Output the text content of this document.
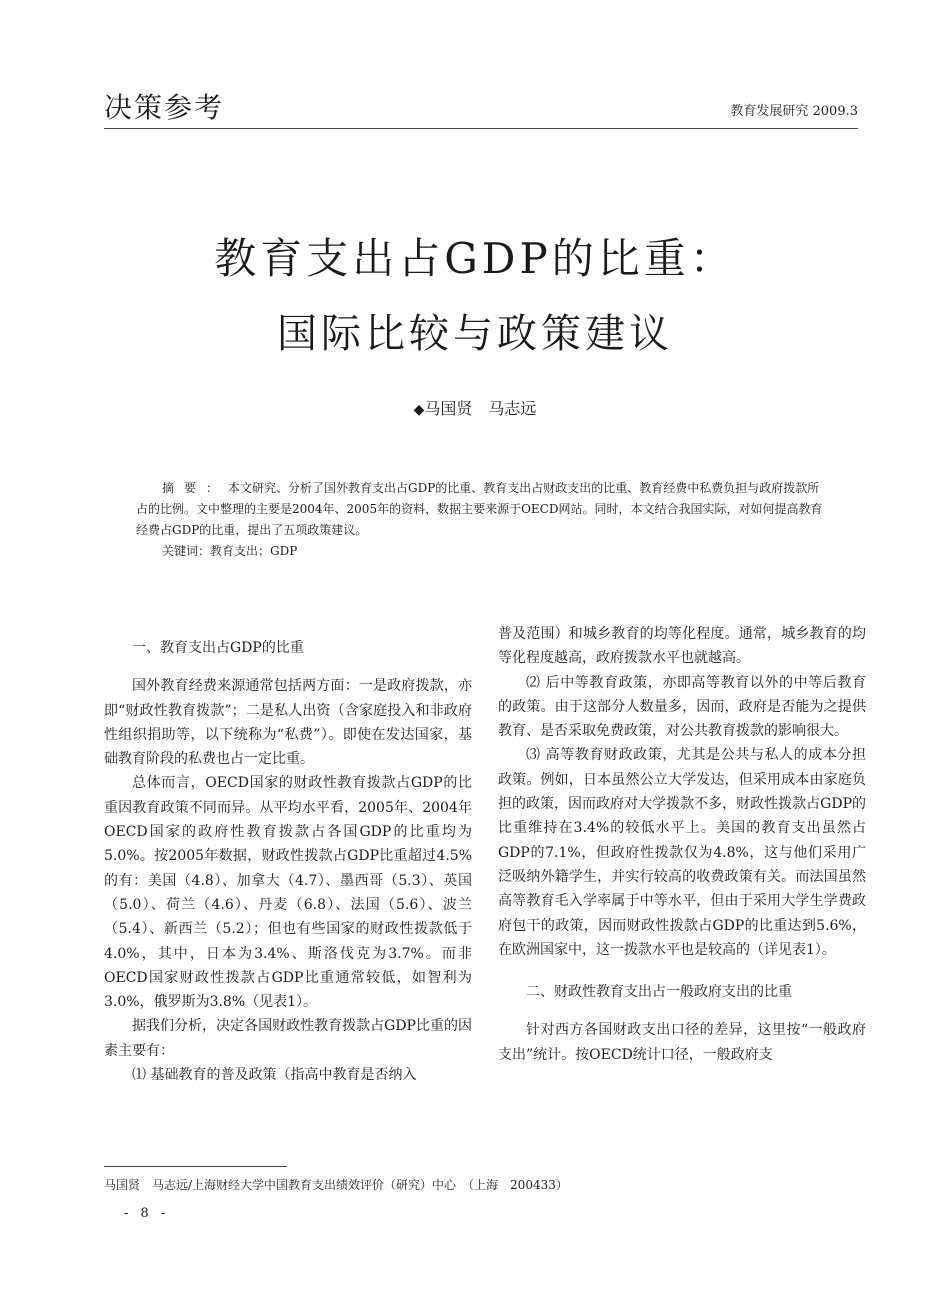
决策参考	教育发展研究 2009.3
教育支出占GDP的比重：
国际比较与政策建议
◆马国贤　马志远

摘要：本文研究、分析了国外教育支出占GDP的比重、教育支出占财政支出的比重、教育经费中私费负担与政府拨款所占的比例。文中整理的主要是2004年、2005年的资料，数据主要来源于OECD网站。同时，本文结合我国实际，对如何提高教育经费占GDP的比重，提出了五项政策建议。

关键词：教育支出；GDP

一、教育支出占GDP的比重

国外教育经费来源通常包括两方面：一是政府拨款，亦即“财政性教育拨款”；二是私人出资（含家庭投入和非政府性组织捐助等，以下统称为“私费”）。即使在发达国家，基础教育阶段的私费也占一定比重。

总体而言，OECD国家的财政性教育拨款占GDP的比重因教育政策不同而异。从平均水平看，2005年、2004年OECD国家的政府性教育拨款占各国GDP的比重均为5.0%。按2005年数据，财政性拨款占GDP比重超过4.5%的有：美国（4.8）、加拿大（4.7）、墨西哥（5.3）、英国（5.0）、荷兰（4.6）、丹麦（6.8）、法国（5.6）、波兰（5.4）、新西兰（5.2）；但也有些国家的财政性拨款低于4.0%，其中，日本为3.4%、斯洛伐克为3.7%。而非OECD国家财政性拨款占GDP比重通常较低，如智利为3.0%，俄罗斯为3.8%（见表1）。

据我们分析，决定各国财政性教育拨款占GDP比重的因素主要有：

⑴ 基础教育的普及政策（指高中教育是否纳入

普及范围）和城乡教育的均等化程度。通常，城乡教育的均等化程度越高，政府拨款水平也就越高。

⑵ 后中等教育政策，亦即高等教育以外的中等后教育的政策。由于这部分人数量多，因而，政府是否能为之提供教育、是否采取免费政策，对公共教育拨款的影响很大。

⑶ 高等教育财政政策，尤其是公共与私人的成本分担政策。例如，日本虽然公立大学发达，但采用成本由家庭负担的政策，因而政府对大学拨款不多，财政性拨款占GDP的比重维持在3.4%的较低水平上。美国的教育支出虽然占GDP的7.1%，但政府性拨款仅为4.8%，这与他们采用广泛吸纳外籍学生，并实行较高的收费政策有关。而法国虽然高等教育毛入学率属于中等水平，但由于采用大学生学费政府包干的政策，因而财政性拨款占GDP的比重达到5.6%，在欧洲国家中，这一拨款水平也是较高的（详见表1）。

二、财政性教育支出占一般政府支出的比重

针对西方各国财政支出口径的差异，这里按“一般政府支出”统计。按OECD统计口径，一般政府支

马国贤　马志远/上海财经大学中国教育支出绩效评价（研究）中心　（上海　200433）
- 8 -
